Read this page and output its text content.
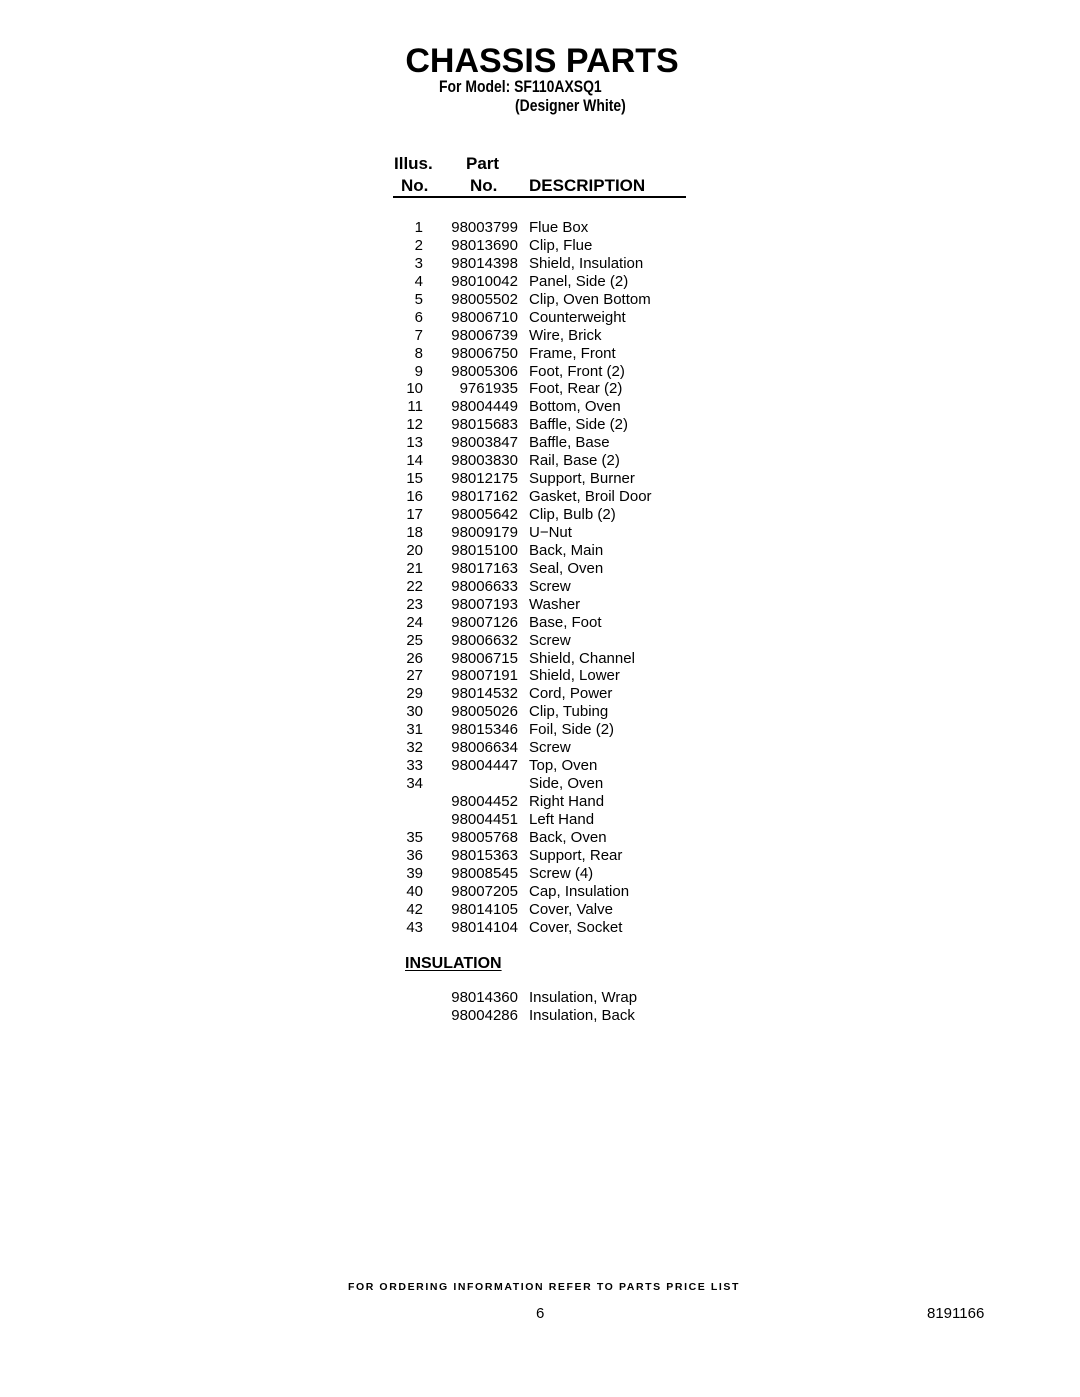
CHASSIS PARTS
For Model: SF110AXSQ1
(Designer White)
Illus.
No.
Part
No. DESCRIPTION
1 98003799 Flue Box
2 98013690 Clip, Flue
3 98014398 Shield, Insulation
4 98010042 Panel, Side (2)
5 98005502 Clip, Oven Bottom
6 98006710 Counterweight
7 98006739 Wire, Brick
8 98006750 Frame, Front
9 98005306 Foot, Front (2)
10 9761935 Foot, Rear (2)
11 98004449 Bottom, Oven
12 98015683 Baffle, Side (2)
13 98003847 Baffle, Base
14 98003830 Rail, Base (2)
15 98012175 Support, Burner
16 98017162 Gasket, Broil Door
17 98005642 Clip, Bulb (2)
18 98009179 U−Nut
20 98015100 Back, Main
21 98017163 Seal, Oven
22 98006633 Screw
23 98007193 Washer
24 98007126 Base, Foot
25 98006632 Screw
26 98006715 Shield, Channel
27 98007191 Shield, Lower
29 98014532 Cord, Power
30 98005026 Clip, Tubing
31 98015346 Foil, Side (2)
32 98006634 Screw
33 98004447 Top, Oven
34	Side, Oven
98004452 Right Hand
98004451 Left Hand
35 98005768 Back, Oven
36 98015363 Support, Rear
39 98008545 Screw (4)
40 98007205 Cap, Insulation
42 98014105 Cover, Valve
43 98014104 Cover, Socket
INSULATION
98014360 Insulation, Wrap
98004286 Insulation, Back
FOR ORDERING INFORMATION REFER TO PARTS PRICE LIST
6	8191166
